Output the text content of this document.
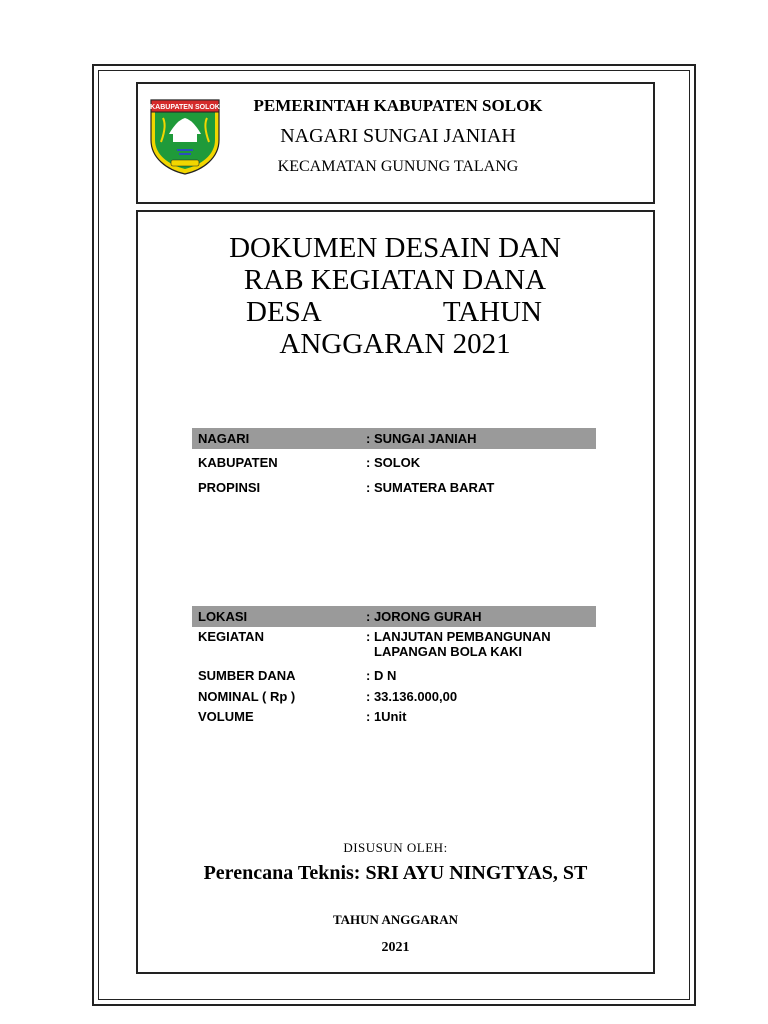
KABUPATEN SOLOK	PEMERINTAH KABUPATEN SOLOK
NAGARI SUNGAI JANIAH
KECAMATAN GUNUNG TALANG
DOKUMEN DESAIN DAN
RAB KEGIATAN DANA
DESA	TAHUN
ANGGARAN 2021
NAGARI	: SUNGAI JANIAH
KABUPATEN	: SOLOK
PROPINSI	: SUMATERA BARAT
LOKASI	: JORONG GURAH
KEGIATAN	: LANJUTAN PEMBANGUNAN
LAPANGAN BOLA KAKI
SUMBER DANA	: D N
NOMINAL ( Rp )	: 33.136.000,00
VOLUME	: 1Unit
DISUSUN OLEH:
Perencana Teknis: SRI AYU NINGTYAS, ST
TAHUN ANGGARAN
2021
